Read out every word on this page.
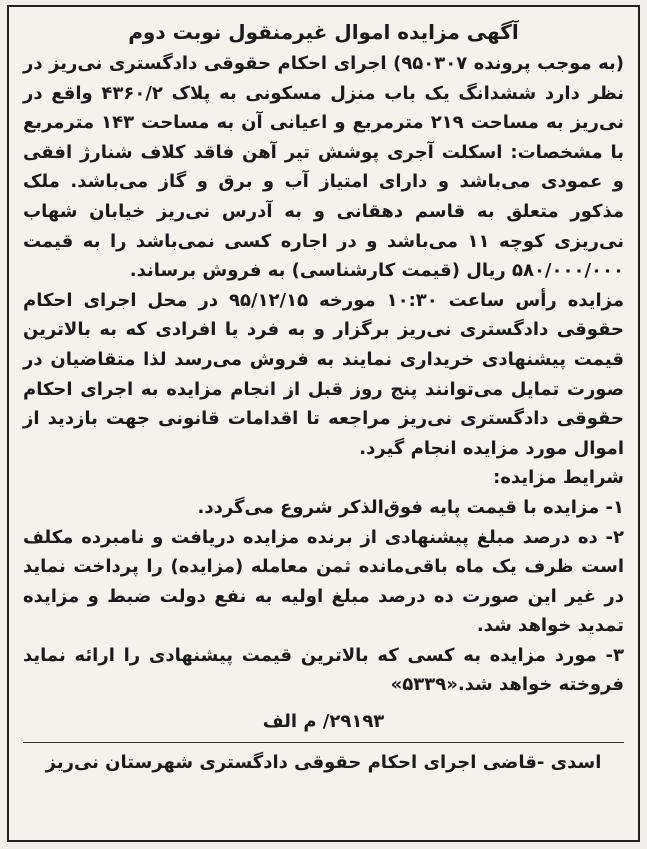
آگهی مزایده اموال غیرمنقول نوبت دوم

(به موجب پرونده ۹۵۰۳۰۷) اجرای احکام حقوقی دادگستری نی‌ریز در نظر دارد ششدانگ یک باب منزل مسکونی به پلاک ۴۳۶۰/۲ واقع در نی‌ریز به مساحت ۲۱۹ مترمربع و اعیانی آن به مساحت ۱۴۳ مترمربع با مشخصات: اسکلت آجری پوشش تیر آهن فاقد کلاف شنارژ افقی و عمودی می‌باشد و دارای امتیاز آب و برق و گاز می‌باشد. ملک مذکور متعلق به قاسم دهقانی و به آدرس نی‌ریز خیابان شهاب نی‌ریزی کوچه ۱۱ می‌باشد و در اجاره کسی نمی‌باشد را به قیمت ۵۸۰/۰۰۰/۰۰۰ ریال (قیمت کارشناسی) به فروش برساند.

مزایده رأس ساعت ۱۰:۳۰ مورخه ۹۵/۱۲/۱۵ در محل اجرای احکام حقوقی دادگستری نی‌ریز برگزار و به فرد یا افرادی که به بالاترین قیمت پیشنهادی خریداری نمایند به فروش می‌رسد لذا متقاضیان در صورت تمایل می‌توانند پنج روز قبل از انجام مزایده به اجرای احکام حقوقی دادگستری نی‌ریز مراجعه تا اقدامات قانونی جهت بازدید از اموال مورد مزایده انجام گیرد.

شرایط مزایده:

۱- مزایده با قیمت پایه فوق‌الذکر شروع می‌گردد.

۲- ده درصد مبلغ پیشنهادی از برنده مزایده دریافت و نامبرده مکلف است ظرف یک ماه باقی‌مانده ثمن معامله (مزایده) را پرداخت نماید در غیر این صورت ده درصد مبلغ اولیه به نفع دولت ضبط و مزایده تمدید خواهد شد.

۳- مورد مزایده به کسی که بالاترین قیمت پیشنهادی را ارائه نماید فروخته خواهد شد.«۵۳۳۹»

۲۹۱۹۳/ م الف
اسدی -قاضی اجرای احکام حقوقی دادگستری شهرستان نی‌ریز
